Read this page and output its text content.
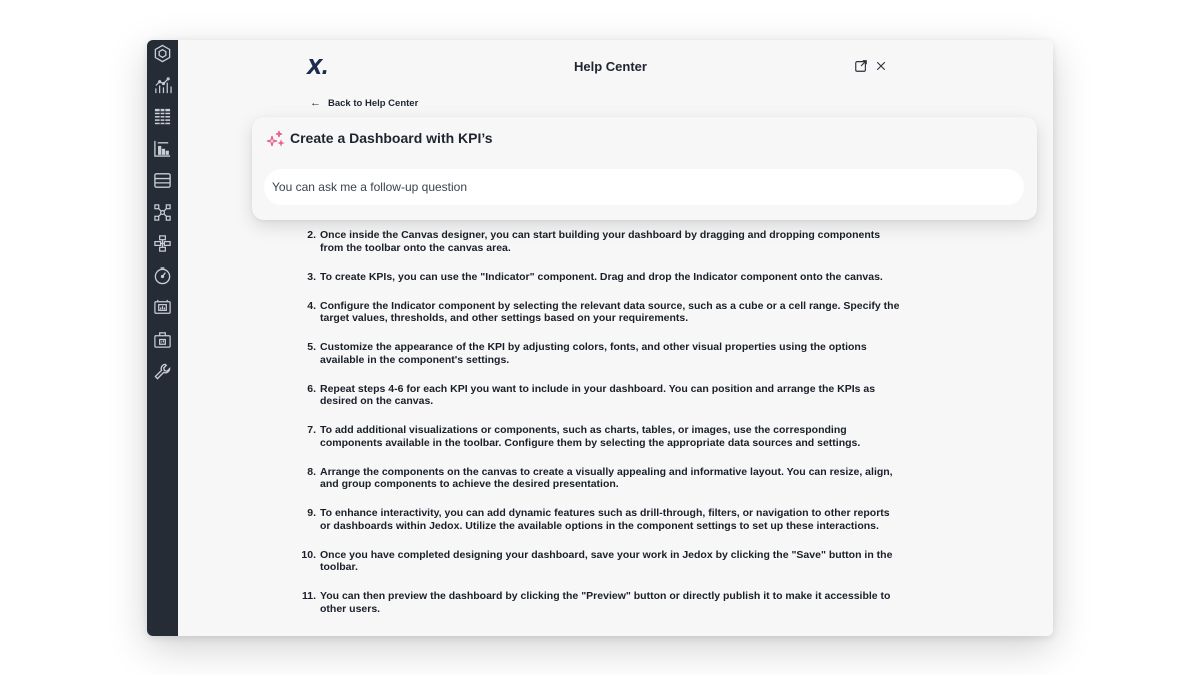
X.	Help Center
← Back to Help Center
2. Once inside the Canvas designer, you can start building your dashboard by dragging and dropping components from the toolbar onto the canvas area.
3. To create KPIs, you can use the "Indicator" component. Drag and drop the Indicator component onto the canvas.
4. Configure the Indicator component by selecting the relevant data source, such as a cube or a cell range. Specify the target values, thresholds, and other settings based on your requirements.
5. Customize the appearance of the KPI by adjusting colors, fonts, and other visual properties using the options available in the component's settings.
6. Repeat steps 4-6 for each KPI you want to include in your dashboard. You can position and arrange the KPIs as desired on the canvas.
7. To add additional visualizations or components, such as charts, tables, or images, use the corresponding components available in the toolbar. Configure them by selecting the appropriate data sources and settings.
8. Arrange the components on the canvas to create a visually appealing and informative layout. You can resize, align, and group components to achieve the desired presentation.
9. To enhance interactivity, you can add dynamic features such as drill-through, filters, or navigation to other reports or dashboards within Jedox. Utilize the available options in the component settings to set up these interactions.
10. Once you have completed designing your dashboard, save your work in Jedox by clicking the "Save" button in the toolbar.
11. You can then preview the dashboard by clicking the "Preview" button or directly publish it to make it accessible to other users.
Create a Dashboard with KPI’s
You can ask me a follow-up question
